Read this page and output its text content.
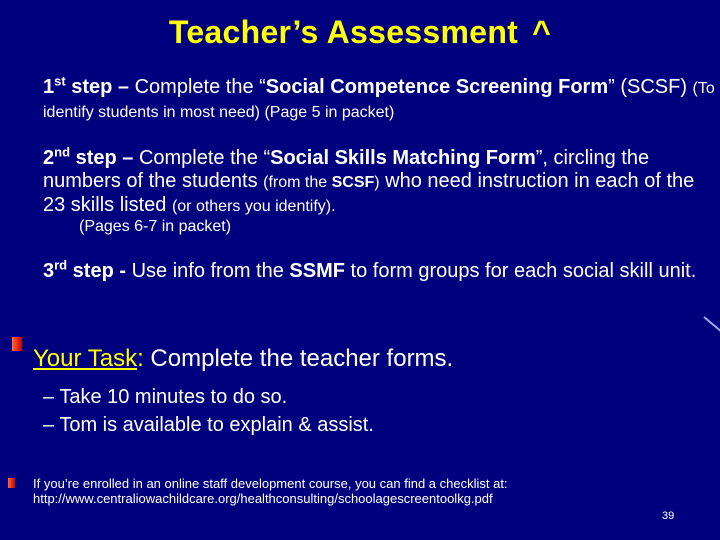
Teacher’s Assessment ^
1st step – Complete the “Social Competence Screening Form” (SCSF) (To identify students in most need) (Page 5 in packet)
2nd step – Complete the “Social Skills Matching Form”, circling the numbers of the students (from the SCSF) who need instruction in each of the 23 skills listed (or others you identify).
(Pages 6-7 in packet)
3rd step - Use info from the SSMF to form groups for each social skill unit.
Your Task: Complete the teacher forms.
– Take 10 minutes to do so.
– Tom is available to explain & assist.
If you’re enrolled in an online staff development course, you can find a checklist at:
http://www.centraliowachildcare.org/healthconsulting/schoolagescreentoolkg.pdf
39
